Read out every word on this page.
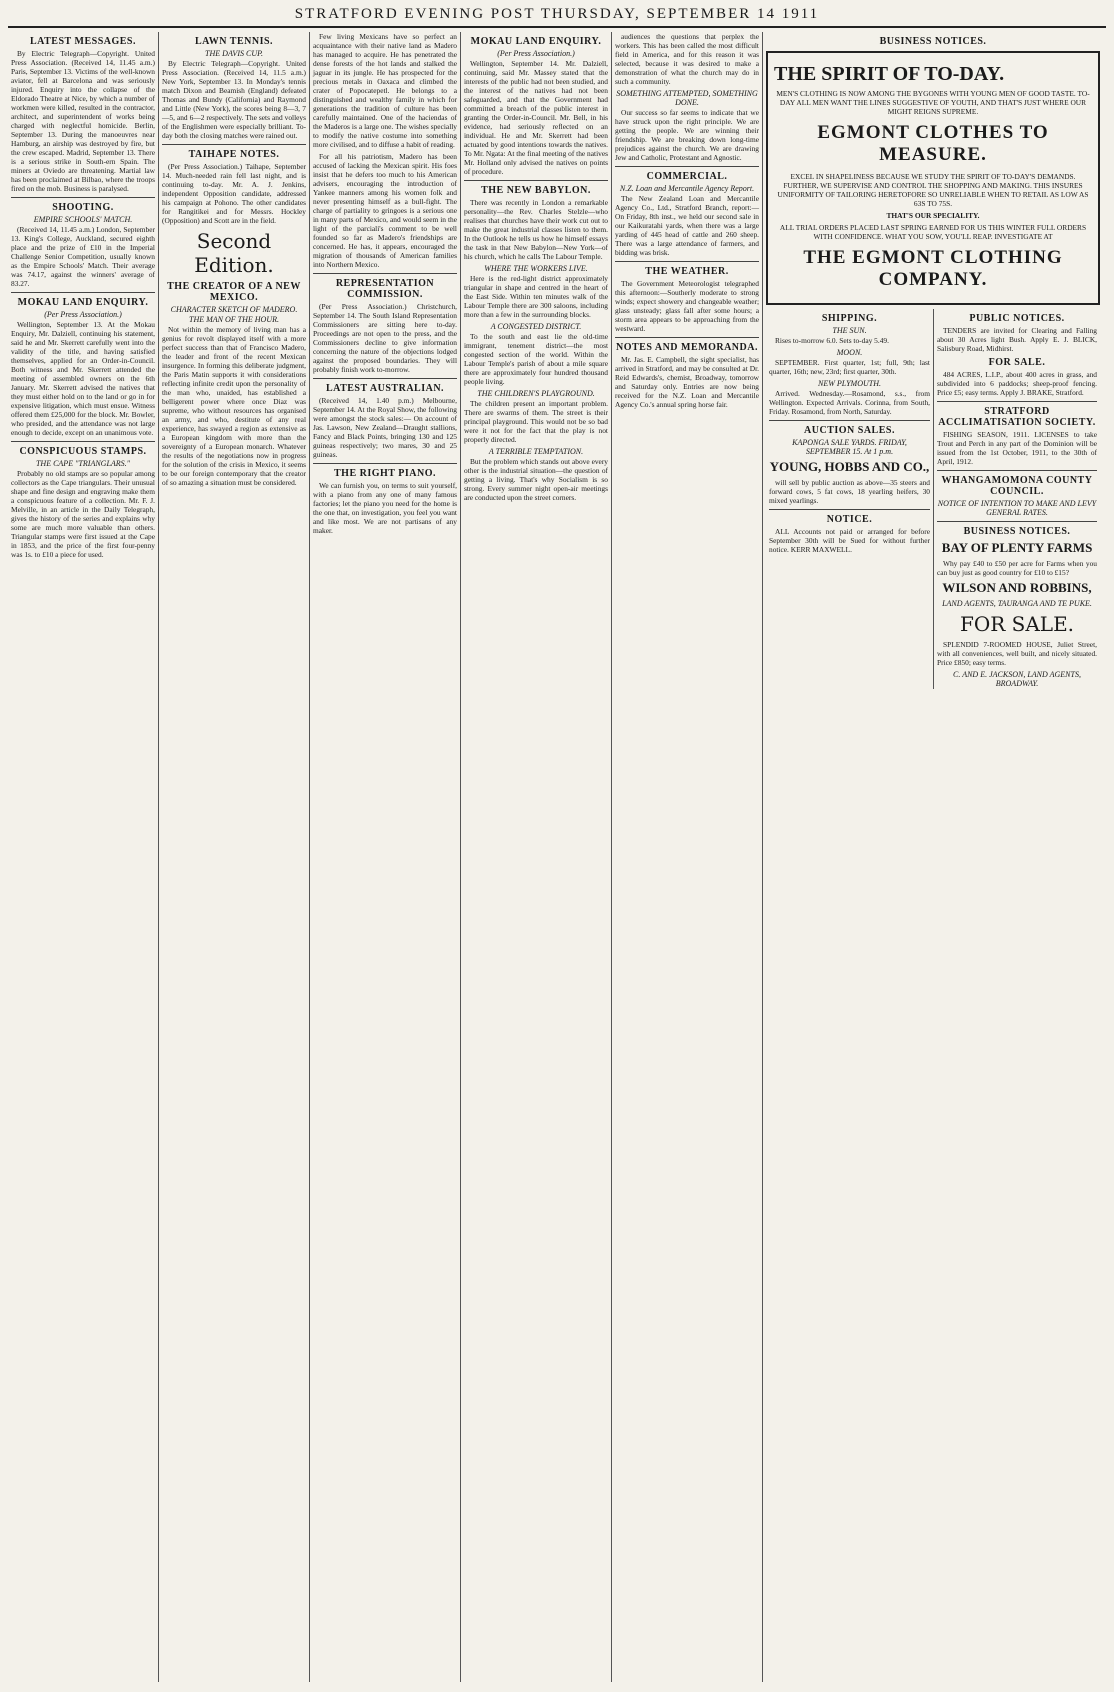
STRATFORD EVENING POST THURSDAY, SEPTEMBER 14 1911
LATEST MESSAGES.

By Electric Telegraph—Copyright. United Press Association. (Received 14, 11.45 a.m.) Paris, September 13. Victims of the well-known aviator, fell at Barcelona and was seriously injured. Enquiry into the collapse of the Eldorado Theatre at Nice, by which a number of workmen were killed, resulted in the contractor, architect, and superintendent of works being charged with neglectful homicide. Berlin, September 13. During the manoeuvres near Hamburg, an airship was destroyed by fire, but the crew escaped. Madrid, September 13. There is a serious strike in South-ern Spain. The miners at Oviedo are threatening. Martial law has been proclaimed at Bilbao, where the troops fired on the mob. Business is paralysed.

SHOOTING.
EMPIRE SCHOOLS' MATCH.

(Received 14, 11.45 a.m.) London, September 13. King's College, Auckland, secured eighth place and the prize of £10 in the Imperial Challenge Senior Competition, usually known as the Empire Schools' Match. Their average was 74.17, against the winners' average of 83.27.

MOKAU LAND ENQUIRY.
(Per Press Association.)

Wellington, September 13. At the Mokau Enquiry, Mr. Dalziell, continuing his statement, said he and Mr. Skerrett carefully went into the validity of the title, and having satisfied themselves, applied for an Order-in-Council. Both witness and Mr. Skerrett attended the meeting of assembled owners on the 6th January. Mr. Skerrett advised the natives that they must either hold on to the land or go in for expensive litigation, which must ensue. Witness offered them £25,000 for the block. Mr. Bowler, who presided, and the attendance was not large enough to decide, except on an unanimous vote.

CONSPICUOUS STAMPS.
THE CAPE "TRIANGLARS."

Probably no old stamps are so popular among collectors as the Cape triangulars. Their unusual shape and fine design and engraving make them a conspicuous feature of a collection. Mr. F. J. Melville, in an article in the Daily Telegraph, gives the history of the series and explains why some are much more valuable than others. Triangular stamps were first issued at the Cape in 1853, and the price of the first four-penny was 1s. to £10 a piece for used.

LAWN TENNIS.
THE DAVIS CUP.

By Electric Telegraph—Copyright. United Press Association. (Received 14, 11.5 a.m.) New York, September 13. In Monday's tennis match Dixon and Beamish (England) defeated Thomas and Bundy (California) and Raymond and Little (New York), the scores being 8—3, 7—5, and 6—2 respectively. The sets and volleys of the Englishmen were especially brilliant. To-day both the closing matches were rained out.

TAIHAPE NOTES.

(Per Press Association.) Taihape, September 14. Much-needed rain fell last night, and is continuing to-day. Mr. A. J. Jenkins, independent Opposition candidate, addressed his campaign at Pohono. The other candidates for Rangitikei and for Messrs. Hockley (Opposition) and Scott are in the field.

Second Edition.
THE CREATOR OF A NEW MEXICO.
CHARACTER SKETCH OF MADERO.
THE MAN OF THE HOUR.

Not within the memory of living man has a genius for revolt displayed itself with a more perfect success than that of Francisco Madero, the leader and front of the recent Mexican insurgence. In forming this deliberate judgment, the Paris Matin supports it with considerations reflecting infinite credit upon the personality of the man who, unaided, has established a belligerent power where once Diaz was supreme, who without resources has organised an army, and who, destitute of any real experience, has swayed a region as extensive as a European kingdom with more than the sovereignty of a European monarch. Whatever the results of the negotiations now in progress for the solution of the crisis in Mexico, it seems to be our foreign contemporary that the creator of so amazing a situation must be considered.

Few living Mexicans have so perfect an acquaintance with their native land as Madero has managed to acquire. He has penetrated the dense forests of the hot lands and stalked the jaguar in its jungle. He has prospected for the precious metals in Oaxaca and climbed the crater of Popocatepetl. He belongs to a distinguished and wealthy family in which for generations the tradition of culture has been carefully maintained. One of the haciendas of the Maderos is a large one. The wishes specially to modify the native costume into something more civilised, and to diffuse a habit of reading.

For all his patriotism, Madero has been accused of lacking the Mexican spirit. His foes insist that he defers too much to his American advisers, encouraging the introduction of Yankee manners among his women folk and never presenting himself as a bull-fight. The charge of partiality to gringoes is a serious one in many parts of Mexico, and would seem in the light of the parciali's comment to be well founded so far as Madero's friendships are concerned. He has, it appears, encouraged the migration of thousands of American families into Northern Mexico.

REPRESENTATION COMMISSION.

(Per Press Association.) Christchurch, September 14. The South Island Representation Commissioners are sitting here to-day. Proceedings are not open to the press, and the Commissioners decline to give information concerning the nature of the objections lodged against the proposed boundaries. They will probably finish work to-morrow.

LATEST AUSTRALIAN.

(Received 14, 1.40 p.m.) Melbourne, September 14. At the Royal Show, the following were amongst the stock sales:— On account of Jas. Lawson, New Zealand—Draught stallions, Fancy and Black Points, bringing 130 and 125 guineas respectively; two mares, 30 and 25 guineas.

THE RIGHT PIANO.

We can furnish you, on terms to suit yourself, with a piano from any one of many famous factories; let the piano you need for the home is the one that, on investigation, you feel you want and like most. We are not partisans of any maker.

MOKAU LAND ENQUIRY.
(Per Press Association.)

Wellington, September 14. Mr. Dalziell, continuing, said Mr. Massey stated that the interests of the public had not been studied, and the interest of the natives had not been safeguarded, and that the Government had committed a breach of the public interest in granting the Order-in-Council. Mr. Bell, in his evidence, had seriously reflected on an individual. He and Mr. Skerrett had been actuated by good intentions towards the natives. To Mr. Ngata: At the final meeting of the natives Mr. Holland only advised the natives on points of procedure.

THE NEW BABYLON.

There was recently in London a remarkable personality—the Rev. Charles Stelzle—who realises that churches have their work cut out to make the great industrial classes listen to them. In the Outlook he tells us how he himself essays the task in that New Babylon—New York—of his church, which he calls The Labour Temple.

WHERE THE WORKERS LIVE.

Here is the red-light district approximately triangular in shape and centred in the heart of the East Side. Within ten minutes walk of the Labour Temple there are 300 saloons, including more than a few in the surrounding blocks.

A CONGESTED DISTRICT.

To the south and east lie the old-time immigrant, tenement district—the most congested section of the world. Within the Labour Temple's parish of about a mile square there are approximately four hundred thousand people living.

THE CHILDREN'S PLAYGROUND.

The children present an important problem. There are swarms of them. The street is their principal playground. This would not be so bad were it not for the fact that the play is not properly directed.

A TERRIBLE TEMPTATION.

But the problem which stands out above every other is the industrial situation—the question of getting a living. That's why Socialism is so strong. Every summer night open-air meetings are conducted upon the street corners.

audiences the questions that perplex the workers. This has been called the most difficult field in America, and for this reason it was selected, because it was desired to make a demonstration of what the church may do in such a community.

SOMETHING ATTEMPTED, SOMETHING DONE.

Our success so far seems to indicate that we have struck upon the right principle. We are getting the people. We are winning their friendship. We are breaking down long-time prejudices against the church. We are drawing Jew and Catholic, Protestant and Agnostic.

COMMERCIAL.
N.Z. Loan and Mercantile Agency Report.

The New Zealand Loan and Mercantile Agency Co., Ltd., Stratford Branch, report:— On Friday, 8th inst., we held our second sale in our Kaikuratahi yards, when there was a large yarding of 445 head of cattle and 260 sheep. There was a large attendance of farmers, and bidding was brisk.

THE WEATHER.

The Government Meteorologist telegraphed this afternoon:—Southerly moderate to strong winds; expect showery and changeable weather; glass unsteady; glass fall after some hours; a storm area appears to be approaching from the westward.

NOTES AND MEMORANDA.

Mr. Jas. E. Campbell, the sight specialist, has arrived in Stratford, and may be consulted at Dr. Reid Edwards's, chemist, Broadway, tomorrow and Saturday only. Entries are now being received for the N.Z. Loan and Mercantile Agency Co.'s annual spring horse fair.

BUSINESS NOTICES.
THE SPIRIT OF TO-DAY.
MEN'S CLOTHING IS NOW AMONG THE BYGONES WITH YOUNG MEN OF GOOD TASTE. TO-DAY ALL MEN WANT THE LINES SUGGESTIVE OF YOUTH, AND THAT'S JUST WHERE OUR MIGHT REIGNS SUPREME.
EGMONT CLOTHES TO MEASURE.
EXCEL IN SHAPELINESS BECAUSE WE STUDY THE SPIRIT OF TO-DAY'S DEMANDS. FURTHER, WE SUPERVISE AND CONTROL THE SHOPPING AND MAKING. THIS INSURES UNIFORMITY OF TAILORING HERETOFORE SO UNRELIABLE WHEN TO RETAIL AS LOW AS 63S TO 75S.
THAT'S OUR SPECIALITY.
ALL TRIAL ORDERS PLACED LAST SPRING EARNED FOR US THIS WINTER FULL ORDERS WITH CONFIDENCE. WHAT YOU SOW, YOU'LL REAP. INVESTIGATE AT
THE EGMONT CLOTHING COMPANY.
SHIPPING.
THE SUN.

Rises to-morrow 6.0. Sets to-day 5.49.

MOON.

SEPTEMBER. First quarter, 1st; full, 9th; last quarter, 16th; new, 23rd; first quarter, 30th.

NEW PLYMOUTH.

Arrived. Wednesday.—Rosamond, s.s., from Wellington. Expected Arrivals. Corinna, from South, Friday. Rosamond, from North, Saturday.

AUCTION SALES.
KAPONGA SALE YARDS. FRIDAY, SEPTEMBER 15. At 1 p.m.
YOUNG, HOBBS AND CO.,

will sell by public auction as above—35 steers and forward cows, 5 fat cows, 18 yearling heifers, 30 mixed yearlings.

NOTICE.

ALL Accounts not paid or arranged for before September 30th will be Sued for without further notice. KERR MAXWELL.

PUBLIC NOTICES.

TENDERS are invited for Clearing and Falling about 30 Acres light Bush. Apply E. J. BLICK, Salisbury Road, Midhirst.

FOR SALE.

484 ACRES, L.I.P., about 400 acres in grass, and subdivided into 6 paddocks; sheep-proof fencing. Price £5; easy terms. Apply J. BRAKE, Stratford.

STRATFORD ACCLIMATISATION SOCIETY.

FISHING SEASON, 1911. LICENSES to take Trout and Perch in any part of the Dominion will be issued from the 1st October, 1911, to the 30th of April, 1912.

WHANGAMOMONA COUNTY COUNCIL.
NOTICE OF INTENTION TO MAKE AND LEVY GENERAL RATES.
BUSINESS NOTICES.
BAY OF PLENTY FARMS

Why pay £40 to £50 per acre for Farms when you can buy just as good country for £10 to £15?

WILSON AND ROBBINS,
LAND AGENTS, TAURANGA AND TE PUKE.
FOR SALE.

SPLENDID 7-ROOMED HOUSE, Juliet Street, with all conveniences, well built, and nicely situated. Price £850; easy terms.

C. AND E. JACKSON, LAND AGENTS, BROADWAY.
